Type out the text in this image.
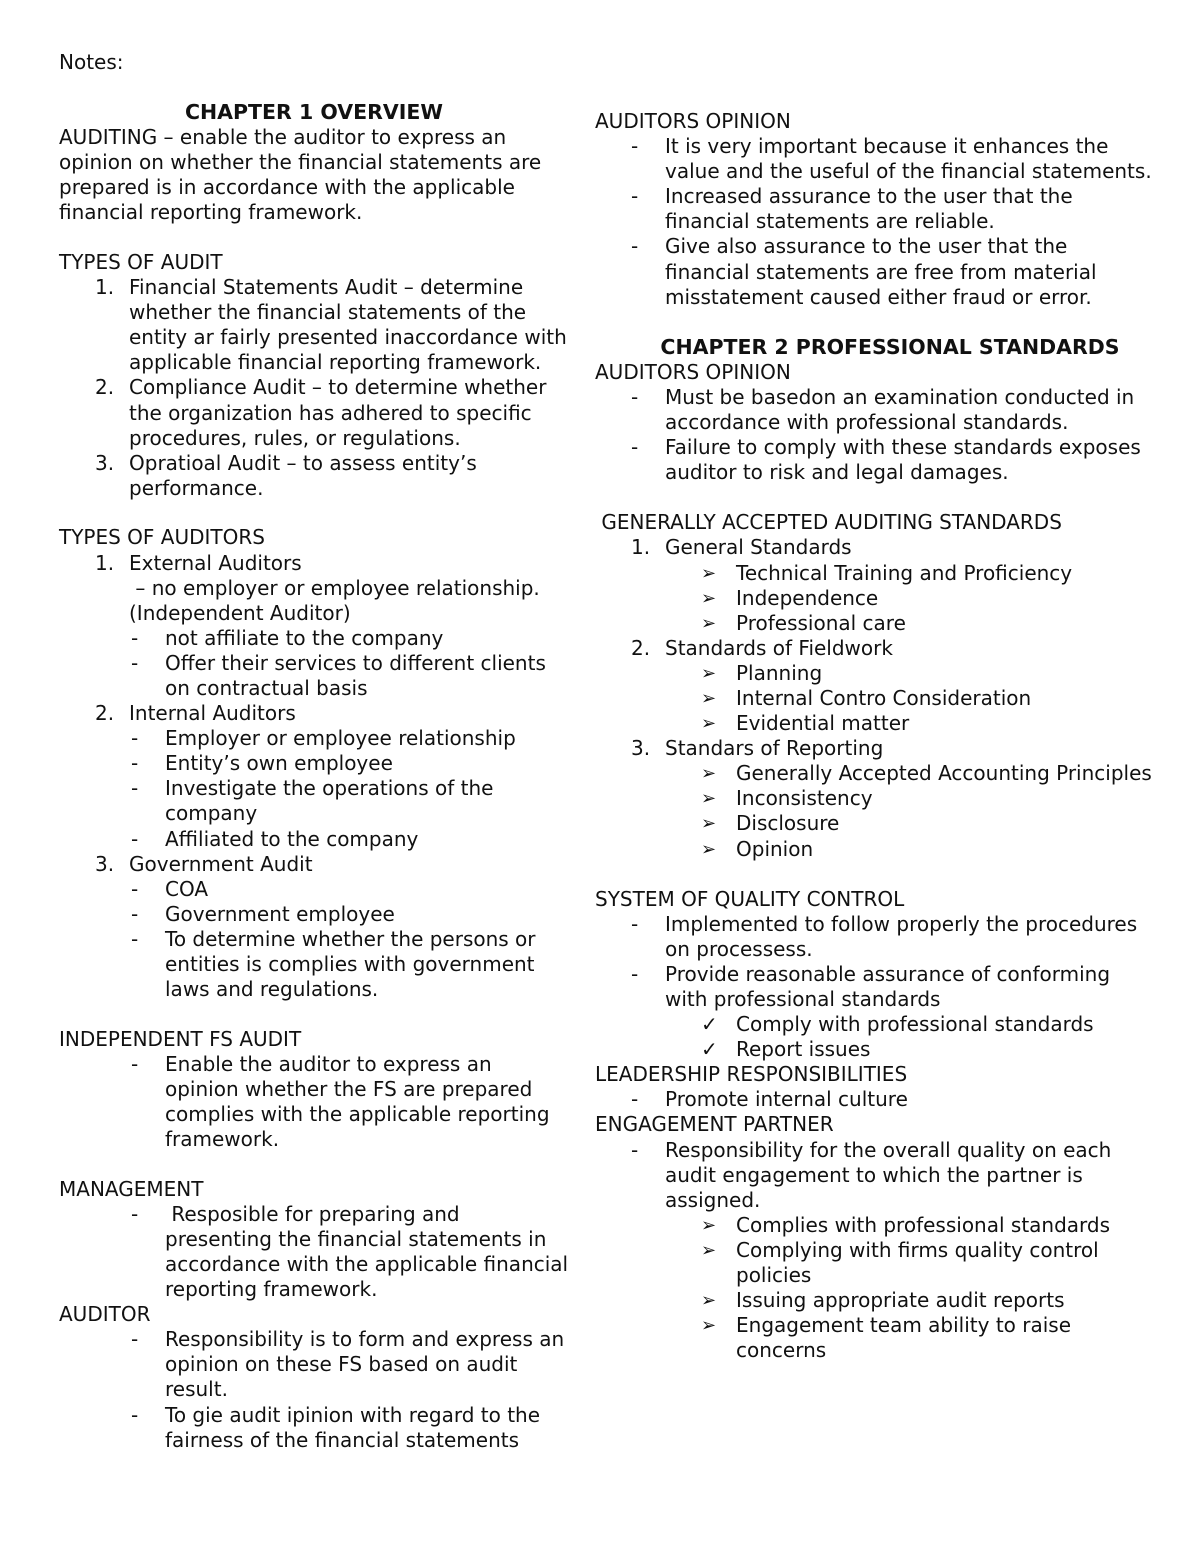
Notes:

CHAPTER 1 OVERVIEW

AUDITING – enable the auditor to express an opinion on whether the financial statements are prepared is in accordance with the applicable financial reporting framework.

TYPES OF AUDIT

1. Financial Statements Audit – determine whether the financial statements of the entity ar fairly presented inaccordance with applicable financial reporting framework.
2. Compliance Audit – to determine whether the organization has adhered to specific procedures, rules, or regulations.
3. Opratioal Audit – to assess entity’s performance.

TYPES OF AUDITORS

1. External Auditors
– no employer or employee relationship. (Independent Auditor)
- not affiliate to the company
- Offer their services to different clients on contractual basis
2. Internal Auditors
- Employer or employee relationship
- Entity’s own employee
- Investigate the operations of the company
- Affiliated to the company
3. Government Audit
- COA
- Government employee
- To determine whether the persons or entities is complies with government laws and regulations.

INDEPENDENT FS AUDIT

- Enable the auditor to express an opinion whether the FS are prepared complies with the applicable reporting framework.

MANAGEMENT

- Resposible for preparing and presenting the financial statements in accordance with the applicable financial reporting framework.

AUDITOR

- Responsibility is to form and express an opinion on these FS based on audit result.
- To gie audit ipinion with regard to the fairness of the financial statements

AUDITORS OPINION

- It is very important because it enhances the value and the useful of the financial statements.
- Increased assurance to the user that the financial statements are reliable.
- Give also assurance to the user that the financial statements are free from material misstatement caused either fraud or error.

CHAPTER 2 PROFESSIONAL STANDARDS

AUDITORS OPINION

- Must be basedon an examination conducted in accordance with professional standards.
- Failure to comply with these standards exposes auditor to risk and legal damages.

GENERALLY ACCEPTED AUDITING STANDARDS

1. General Standards
➢ Technical Training and Proficiency
➢ Independence
➢ Professional care
2. Standards of Fieldwork
➢ Planning
➢ Internal Contro Consideration
➢ Evidential matter
3. Standars of Reporting
➢ Generally Accepted Accounting Principles
➢ Inconsistency
➢ Disclosure
➢ Opinion

SYSTEM OF QUALITY CONTROL

- Implemented to follow properly the procedures on processess.
- Provide reasonable assurance of conforming with professional standards
✓ Comply with professional standards
✓ Report issues

LEADERSHIP RESPONSIBILITIES

- Promote internal culture

ENGAGEMENT PARTNER

- Responsibility for the overall quality on each audit engagement to which the partner is assigned.
➢ Complies with professional standards
➢ Complying with firms quality control policies
➢ Issuing appropriate audit reports
➢ Engagement team ability to raise concerns
